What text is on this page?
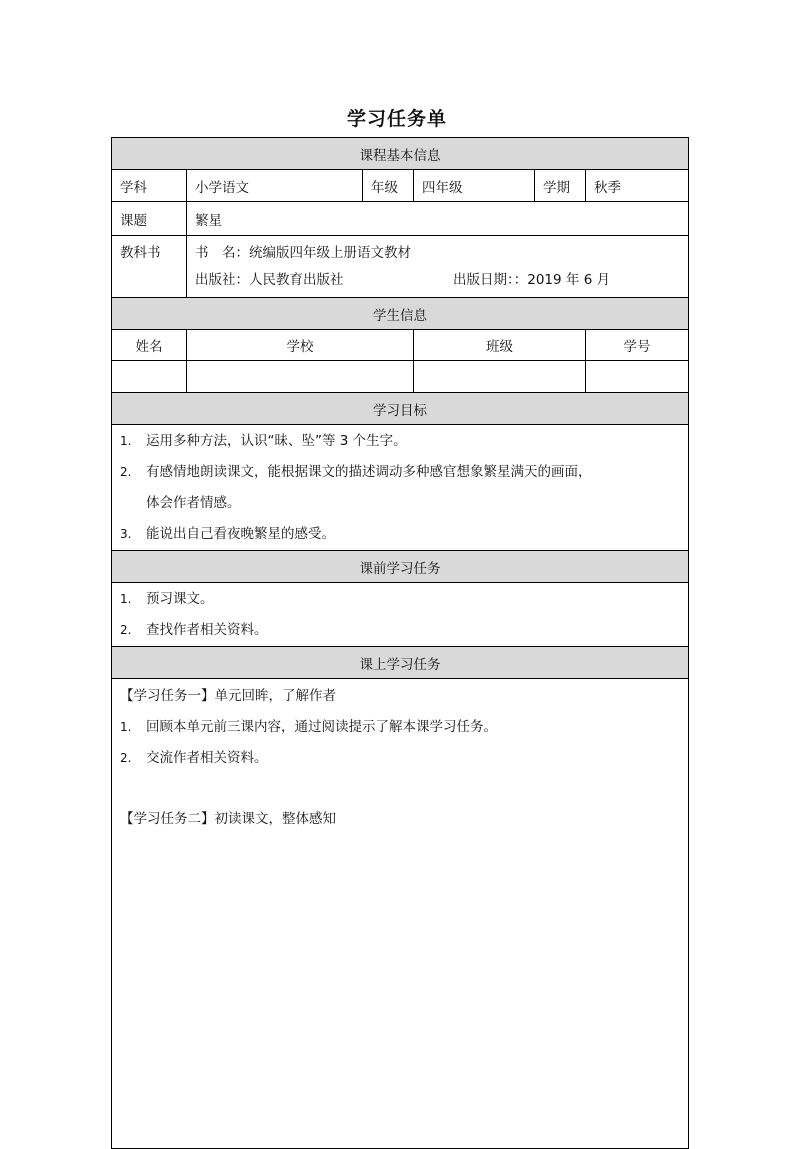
学习任务单
课程基本信息					
学科	小学语文	年级	四年级	学期	秋季
课题	繁星				

教科书	书　名：统编版四年级上册语文教材
出版社：人民教育出版社 出版日期：：2019 年 6 月				

学生信息					
姓名	学校		班级		学号

学习目标					

1. 运用多种方法，认识“昧、坠”等 3 个生字。
2. 有感情地朗读课文，能根据课文的描述调动多种感官想象繁星满天的画面，
体会作者情感。
3. 能说出自己看夜晚繁星的感受。					

课前学习任务					

1. 预习课文。
2. 查找作者相关资料。					

课上学习任务					

【学习任务一】单元回眸，了解作者
1. 回顾本单元前三课内容，通过阅读提示了解本课学习任务。
2. 交流作者相关资料。
【学习任务二】初读课文，整体感知					
